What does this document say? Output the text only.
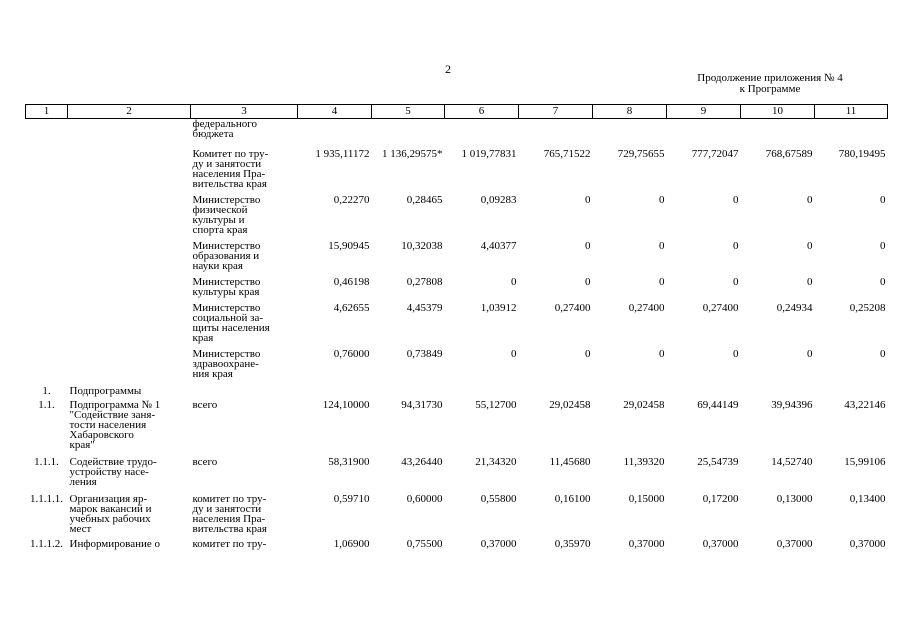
2
Продолжение приложения № 4
к Программе
1	2	3	4	5	6	7	8	9	10	11
		федерального
бюджета								
		Комитет по тру-
ду и занятости
населения Пра-
вительства края	1 935,11172	1 136,29575*	1 019,77831	765,71522	729,75655	777,72047	768,67589	780,19495
		Министерство
физической
культуры и
спорта края	0,22270	0,28465	0,09283	0	0	0	0	0
		Министерство
образования и
науки края	15,90945	10,32038	4,40377	0	0	0	0	0
		Министерство
культуры края	0,46198	0,27808	0	0	0	0	0	0
		Министерство
социальной за-
щиты населения
края	4,62655	4,45379	1,03912	0,27400	0,27400	0,27400	0,24934	0,25208
		Министерство
здравоохране-
ния края	0,76000	0,73849	0	0	0	0	0	0
1.	Подпрограммы									
1.1.	Подпрограмма № 1
"Содействие заня-
тости населения
Хабаровского
края"	всего	124,10000	94,31730	55,12700	29,02458	29,02458	69,44149	39,94396	43,22146
1.1.1.	Содействие трудо-
устройству насе-
ления	всего	58,31900	43,26440	21,34320	11,45680	11,39320	25,54739	14,52740	15,99106
1.1.1.1.	Организация яр-
марок вакансий и
учебных рабочих
мест	комитет по тру-
ду и занятости
населения Пра-
вительства края	0,59710	0,60000	0,55800	0,16100	0,15000	0,17200	0,13000	0,13400
1.1.1.2.	Информирование о	комитет по тру-	1,06900	0,75500	0,37000	0,35970	0,37000	0,37000	0,37000	0,37000
